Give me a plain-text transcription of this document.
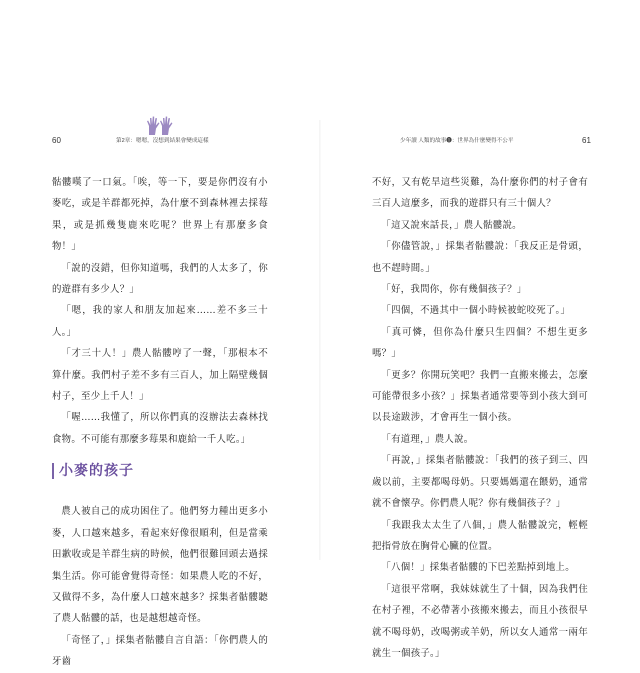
60	第2章：嗯嗯，沒想到結果會變成這樣	少年讀 人類的故事❶：世界為什麼變得不公平	61

骷髏嘆了一口氣。「唉，等一下，要是你們沒有小麥吃，或是羊群都死掉，為什麼不到森林裡去採莓果，或是抓幾隻鹿來吃呢？世界上有那麼多食物！」

「說的沒錯，但你知道嗎，我們的人太多了，你的遊群有多少人？」

「嗯，我的家人和朋友加起來……差不多三十人。」

「才三十人！」農人骷髏哼了一聲，「那根本不算什麼。我們村子差不多有三百人，加上隔壁幾個村子，至少上千人！」

「喔……我懂了，所以你們真的沒辦法去森林找食物。不可能有那麼多莓果和鹿給一千人吃。」

小麥的孩子

農人被自己的成功困住了。他們努力種出更多小麥，人口越來越多，看起來好像很順利，但是當乘田歉收或是羊群生病的時候，他們很難回頭去過採集生活。你可能會覺得奇怪：如果農人吃的不好，又做得不多，為什麼人口越來越多？採集者骷髏聽了農人骷髏的話，也是越想越奇怪。

「奇怪了，」採集者骷髏自言自語：「你們農人的牙齒

不好，又有乾旱這些災難，為什麼你們的村子會有三百人這麼多，而我的遊群只有三十個人？

「這又說來話長，」農人骷髏說。

「你儘管說，」採集者骷髏說：「我反正是骨頭，也不趕時間。」

「好，我問你，你有幾個孩子？」

「四個，不過其中一個小時候被蛇咬死了。」

「真可憐，但你為什麼只生四個？不想生更多嗎？」

「更多？你開玩笑吧？我們一直搬來搬去，怎麼可能帶很多小孩？」採集者通常要等到小孩大到可以長途跋涉，才會再生一個小孩。

「有道理，」農人說。

「再說，」採集者骷髏說：「我們的孩子到三、四歲以前，主要都喝母奶。只要媽媽還在餵奶，通常就不會懷孕。你們農人呢？你有幾個孩子？」

「我跟我太太生了八個，」農人骷髏說完，輕輕把指骨放在胸骨心臟的位置。

「八個！」採集者骷髏的下巴差點掉到地上。

「這很平常啊，我妹妹就生了十個，因為我們住在村子裡，不必帶著小孩搬來搬去，而且小孩很早就不喝母奶，改喝粥或羊奶，所以女人通常一兩年就生一個孩子。」
